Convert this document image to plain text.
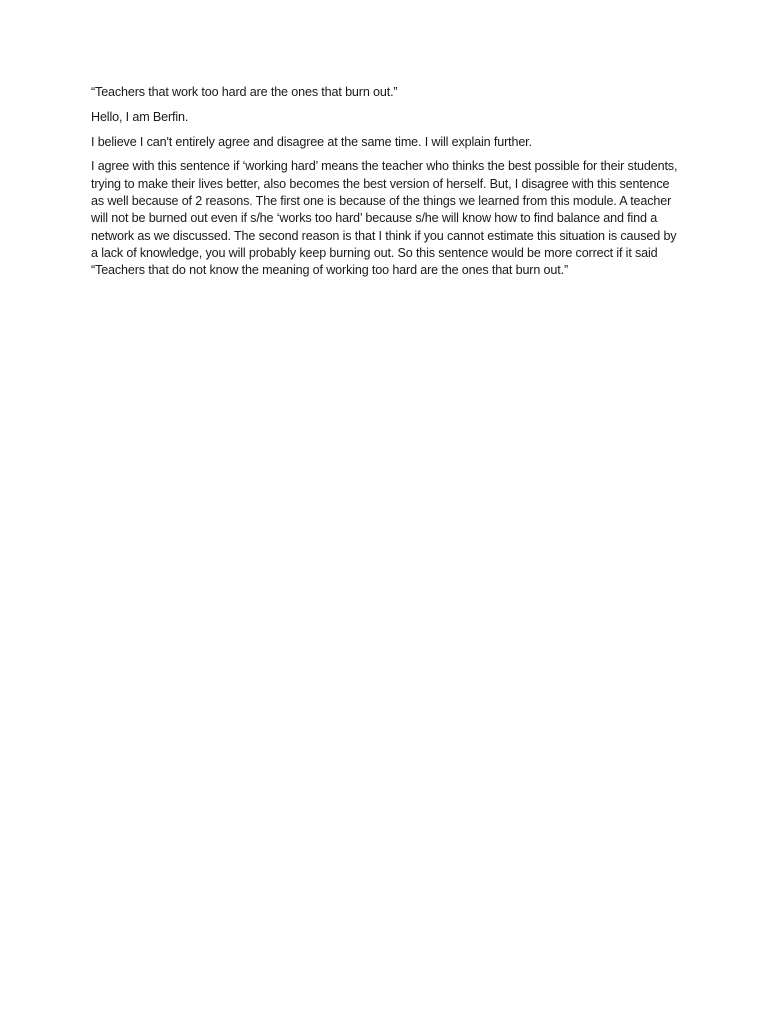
“Teachers that work too hard are the ones that burn out.”

Hello, I am Berfin.

I believe I can't entirely agree and disagree at the same time. I will explain further.

I agree with this sentence if ‘working hard’ means the teacher who thinks the best possible for their students, trying to make their lives better, also becomes the best version of herself. But, I disagree with this sentence as well because of 2 reasons. The first one is because of the things we learned from this module. A teacher will not be burned out even if s/he ‘works too hard’ because s/he will know how to find balance and find a network as we discussed. The second reason is that I think if you cannot estimate this situation is caused by a lack of knowledge, you will probably keep burning out. So this sentence would be more correct if it said “Teachers that do not know the meaning of working too hard are the ones that burn out.”
